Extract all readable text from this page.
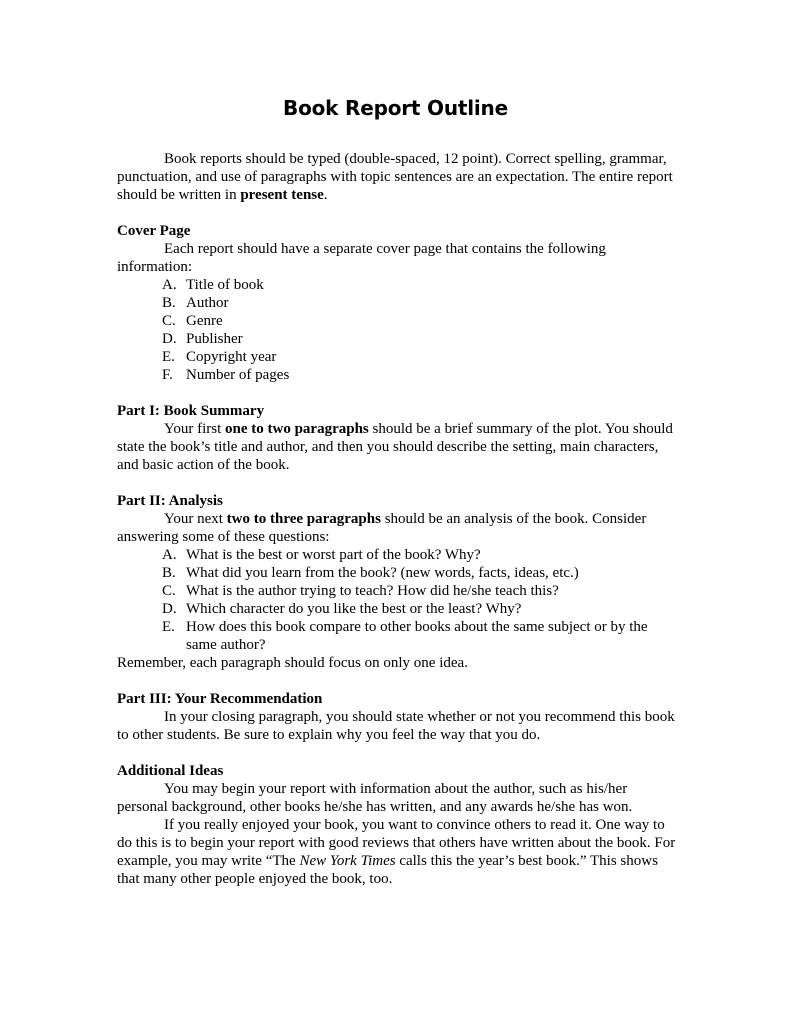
Book Report Outline

Book reports should be typed (double-spaced, 12 point). Correct spelling, grammar, punctuation, and use of paragraphs with topic sentences are an expectation. The entire report should be written in present tense.

Cover Page

Each report should have a separate cover page that contains the following information:

A. Title of book
B. Author
C. Genre
D. Publisher
E. Copyright year
F. Number of pages
Part I: Book Summary

Your first one to two paragraphs should be a brief summary of the plot. You should state the book’s title and author, and then you should describe the setting, main characters, and basic action of the book.

Part II: Analysis

Your next two to three paragraphs should be an analysis of the book. Consider answering some of these questions:

A. What is the best or worst part of the book? Why?
B. What did you learn from the book? (new words, facts, ideas, etc.)
C. What is the author trying to teach? How did he/she teach this?
D. Which character do you like the best or the least? Why?
E. How does this book compare to other books about the same subject or by the same author?

Remember, each paragraph should focus on only one idea.

Part III: Your Recommendation

In your closing paragraph, you should state whether or not you recommend this book to other students. Be sure to explain why you feel the way that you do.

Additional Ideas

You may begin your report with information about the author, such as his/her personal background, other books he/she has written, and any awards he/she has won.

If you really enjoyed your book, you want to convince others to read it. One way to do this is to begin your report with good reviews that others have written about the book. For example, you may write “The New York Times calls this the year’s best book.” This shows that many other people enjoyed the book, too.
